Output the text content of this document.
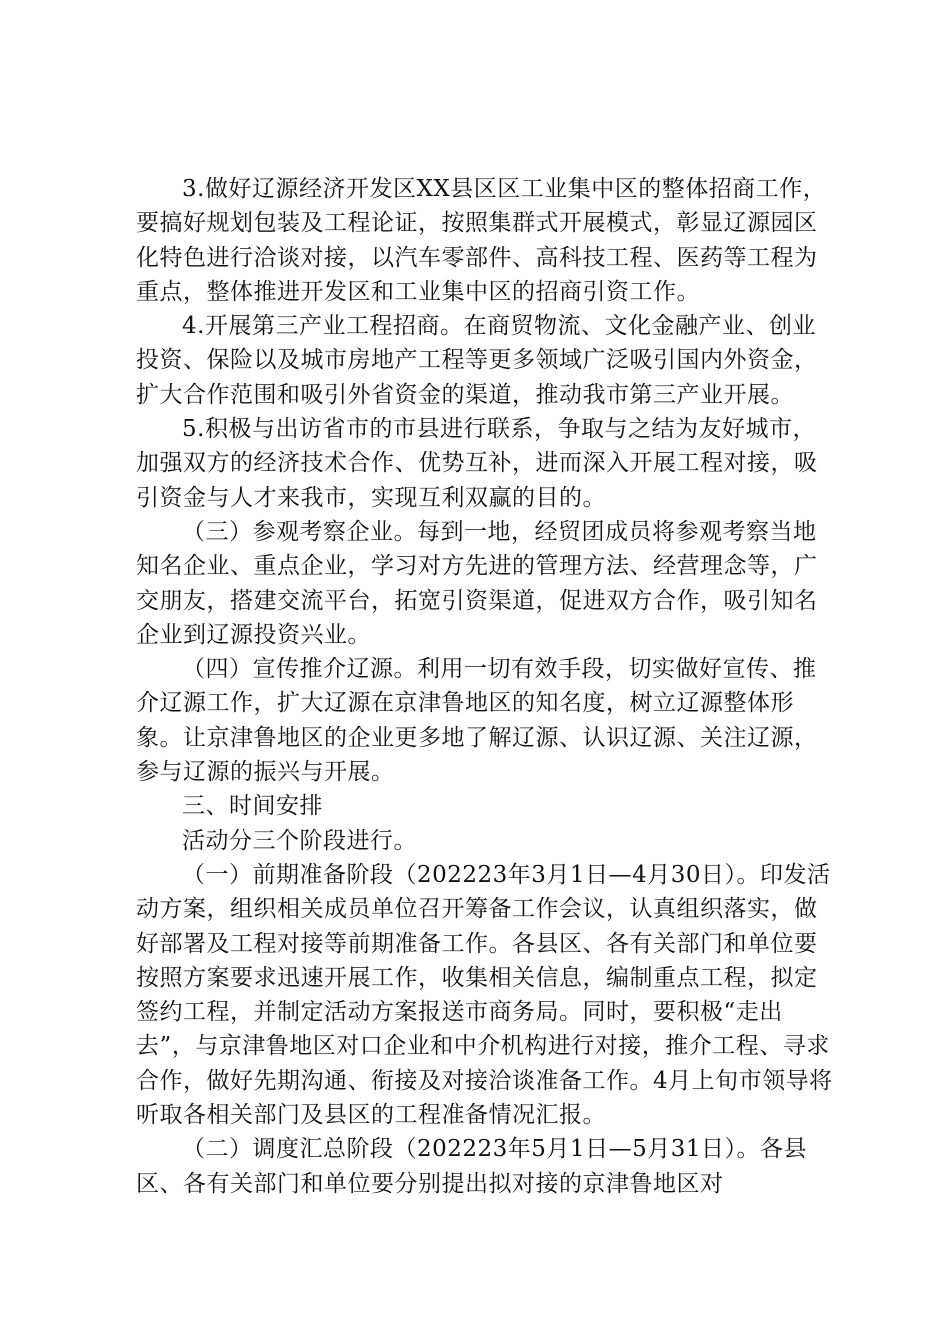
3.做好辽源经济开发区XX县区区工业集中区的整体招商工作，要搞好规划包装及工程论证，按照集群式开展模式，彰显辽源园区化特色进行洽谈对接，以汽车零部件、高科技工程、医药等工程为重点，整体推进开发区和工业集中区的招商引资工作。

4.开展第三产业工程招商。在商贸物流、文化金融产业、创业投资、保险以及城市房地产工程等更多领域广泛吸引国内外资金，扩大合作范围和吸引外省资金的渠道，推动我市第三产业开展。

5.积极与出访省市的市县进行联系，争取与之结为友好城市，加强双方的经济技术合作、优势互补，进而深入开展工程对接，吸引资金与人才来我市，实现互利双赢的目的。

（三）参观考察企业。每到一地，经贸团成员将参观考察当地知名企业、重点企业，学习对方先进的管理方法、经营理念等，广交朋友，搭建交流平台，拓宽引资渠道，促进双方合作，吸引知名企业到辽源投资兴业。

（四）宣传推介辽源。利用一切有效手段，切实做好宣传、推介辽源工作，扩大辽源在京津鲁地区的知名度，树立辽源整体形象。让京津鲁地区的企业更多地了解辽源、认识辽源、关注辽源，参与辽源的振兴与开展。

三、时间安排

活动分三个阶段进行。

（一）前期准备阶段（202223年3月1日—4月30日）。印发活动方案，组织相关成员单位召开筹备工作会议，认真组织落实，做好部署及工程对接等前期准备工作。各县区、各有关部门和单位要按照方案要求迅速开展工作，收集相关信息，编制重点工程，拟定签约工程，并制定活动方案报送市商务局。同时，要积极“走出去”，与京津鲁地区对口企业和中介机构进行对接，推介工程、寻求合作，做好先期沟通、衔接及对接洽谈准备工作。4月上旬市领导将听取各相关部门及县区的工程准备情况汇报。

（二）调度汇总阶段（202223年5月1日—5月31日）。各县区、各有关部门和单位要分别提出拟对接的京津鲁地区对
